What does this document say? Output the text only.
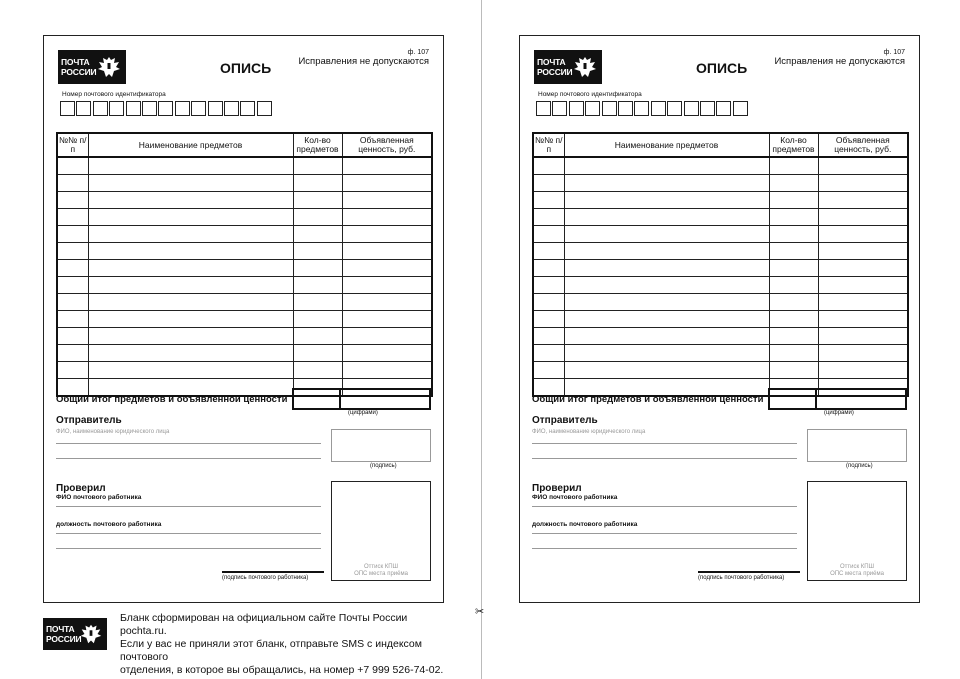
ПОЧТА
РОССИИ
ф. 107
Исправления не допускаются
ОПИСЬ
Номер почтового идентификатора
№№ п/п	Наименование предметов	Кол-во предметов	Объявленная ценность, руб.

Общий итог предметов и объявленной ценности
(цифрами)
Отправитель
ФИО, наименование юридического лица
(подпись)
Проверил
ФИО почтового работника
должность почтового работника
(подпись почтового работника)
Оттиск КПШ
ОПС места приёма
ПОЧТА
РОССИИ
ф. 107
Исправления не допускаются
ОПИСЬ
Номер почтового идентификатора
№№ п/п	Наименование предметов	Кол-во предметов	Объявленная ценность, руб.

Общий итог предметов и объявленной ценности
(цифрами)
Отправитель
ФИО, наименование юридического лица
(подпись)
Проверил
ФИО почтового работника
должность почтового работника
(подпись почтового работника)
Оттиск КПШ
ОПС места приёма
✂
ПОЧТА
РОССИИ
Бланк сформирован на официальном сайте Почты России pochta.ru.
Если у вас не приняли этот бланк, отправьте SMS с индексом почтового
отделения, в которое вы обращались, на номер +7 999 526-74-02.
